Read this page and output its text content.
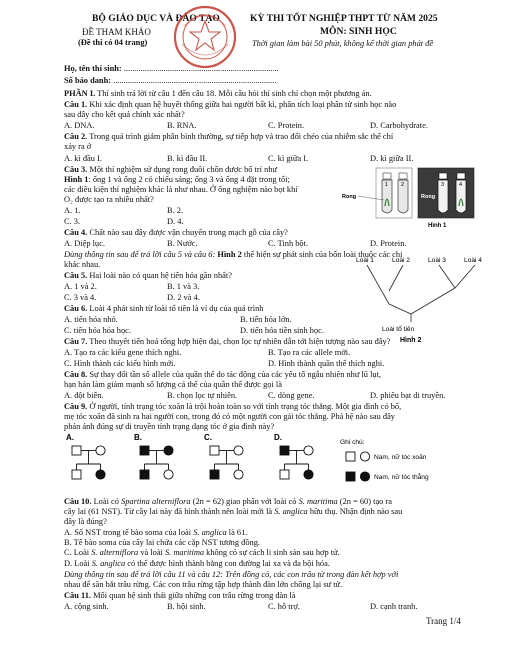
BỘ GIÁO DỤC VÀ ĐÀO TẠO
ĐỀ THAM KHẢO
(Đề thi có 04 trang)
KỲ THI TỐT NGHIỆP THPT TỪ NĂM 2025
MÔN: SINH HỌC
Thời gian làm bài 50 phút, không kể thời gian phát đề
Họ, tên thí sinh: ..........................................................................
Số báo danh: ..............................................................................
PHẦN I. Thí sinh trả lời từ câu 1 đến câu 18. Mỗi câu hỏi thí sinh chỉ chọn một phương án.
Câu 1. Khi xác định quan hệ huyết thống giữa hai người bất kì, phân tích loại phân tử sinh học nào
sau đây cho kết quả chính xác nhất?
A. DNA.	B. RNA.	C. Protein.	D. Carbohydrate.
Câu 2. Trong quá trình giảm phân bình thường, sự tiếp hợp và trao đổi chéo của nhiễm sắc thể chỉ
xảy ra ở
A. kì đầu I.	B. kì đầu II.	C. kì giữa I.	D. kì giữa II.
Câu 3. Một thí nghiệm sử dụng rong đuôi chồn được bố trí như
Hình 1: ống 1 và ống 2 có chiếu sáng; ống 3 và ống 4 đặt trong tối;
các điều kiện thí nghiệm khác là như nhau. Ở ống nghiệm nào bọt khí
O₂ được tạo ra nhiều nhất?
A. 1.	B. 2.
C. 3.	D. 4.
1 2	3	4
Rong	Rong
Hình 1
Câu 4. Chất nào sau đây được vận chuyển trong mạch gỗ của cây?
A. Diệp lục.	B. Nước.	C. Tinh bột.	D. Protein.
Dùng thông tin sau để trả lời câu 5 và câu 6: Hình 2 thể hiện sự phát sinh của bốn loài thuộc các chi
khác nhau.
Câu 5. Hai loài nào có quan hệ tiến hóa gần nhất?
A. 1 và 2.	B. 1 và 3.
C. 3 và 4.	D. 2 và 4.
Loài 1	Loài 2	Loài 3	Loài 4
Loài tổ tiên
Hình 2
Câu 6. Loài 4 phát sinh từ loài tổ tiên là ví dụ của quá trình
A. tiến hóa nhỏ.	B. tiến hóa lớn.
C. tiến hóa hóa học.	D. tiến hóa tiền sinh học.
Câu 7. Theo thuyết tiến hoá tổng hợp hiện đại, chọn lọc tự nhiên dẫn tới hiện tượng nào sau đây?
A. Tạo ra các kiểu gene thích nghi.	B. Tạo ra các allele mới.
C. Hình thành các kiểu hình mới.	D. Hình thành quần thể thích nghi.
Câu 8. Sự thay đổi tần số allele của quần thể do tác động của các yếu tố ngẫu nhiên như lũ lụt,
hạn hán làm giảm mạnh số lượng cá thể của quần thể được gọi là
A. đột biến.	B. chọn lọc tự nhiên.	C. dòng gene.	D. phiêu bạt di truyền.
Câu 9. Ở người, tính trạng tóc xoăn là trội hoàn toàn so với tính trạng tóc thẳng. Một gia đình có bố,
mẹ tóc xoăn đã sinh ra hai người con, trong đó có một người con gái tóc thẳng. Phả hệ nào sau đây
phản ánh đúng sự di truyền tính trạng dạng tóc ở gia đình này?
A.	B.	C.	D.
Ghi chú:
Nam, nữ tóc xoăn
Nam, nữ tóc thẳng
Câu 10. Loài cỏ Spartina alterniflora (2n = 62) giao phấn với loài cỏ S. maritima (2n = 60) tạo ra
cây lai (61 NST). Từ cây lai này đã hình thành nên loài mới là S. anglica hữu thụ. Nhận định nào sau
đây là đúng?
A. Số NST trong tế bào soma của loài S. anglica là 61.
B. Tế bào soma của cây lai chứa các cặp NST tương đồng.
C. Loài S. alterniflora và loài S. maritima không có sự cách li sinh sản sau hợp tử.
D. Loài S. anglica có thể được hình thành bằng con đường lai xa và đa bội hóa.
Dùng thông tin sau để trả lời câu 11 và câu 12: Trên đồng cỏ, các con trâu từ trong đàn kết hợp với
nhau để săn bắt trâu rừng. Các con trâu rừng tập hợp thành đàn lớn chống lại sư tử.
Câu 11. Mối quan hệ sinh thái giữa những con trâu rừng trong đàn là
A. cộng sinh.	B. hội sinh.	C. hỗ trợ.	D. cạnh tranh.
Trang 1/4
